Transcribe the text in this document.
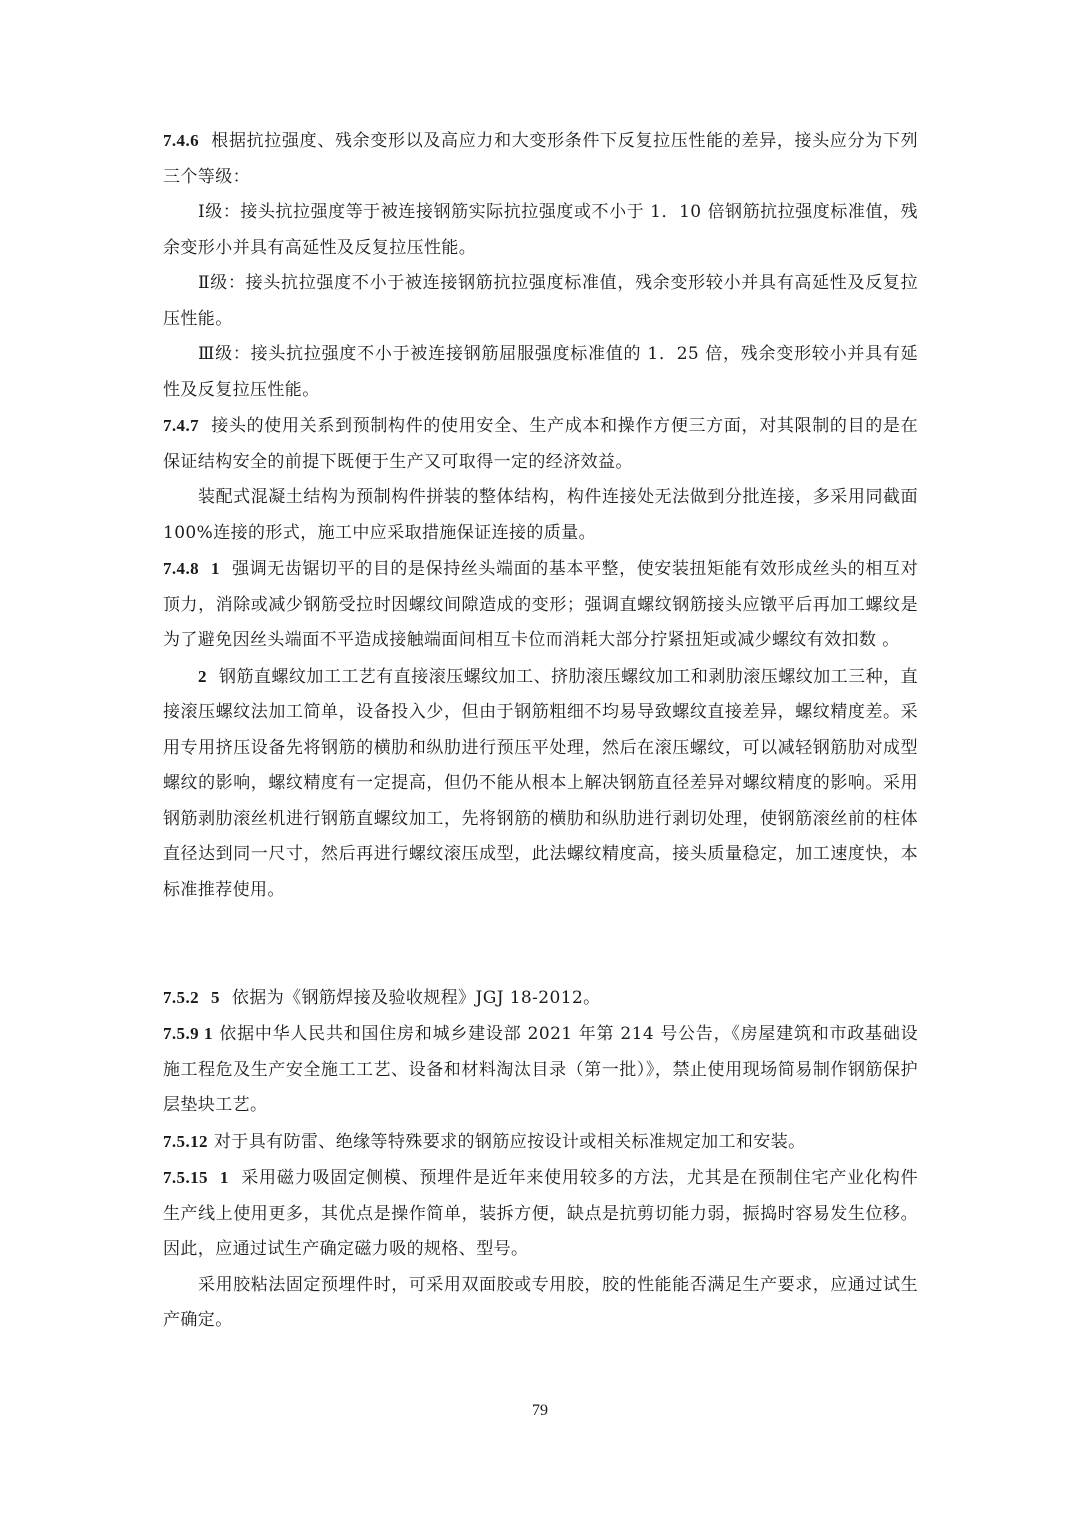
7.4.6 根据抗拉强度、残余变形以及高应力和大变形条件下反复拉压性能的差异，接头应分为下列三个等级：

Ⅰ级：接头抗拉强度等于被连接钢筋实际抗拉强度或不小于 1．10 倍钢筋抗拉强度标准值，残余变形小并具有高延性及反复拉压性能。

Ⅱ级：接头抗拉强度不小于被连接钢筋抗拉强度标准值，残余变形较小并具有高延性及反复拉压性能。

Ⅲ级：接头抗拉强度不小于被连接钢筋屈服强度标准值的 1．25 倍，残余变形较小并具有延性及反复拉压性能。

7.4.7 接头的使用关系到预制构件的使用安全、生产成本和操作方便三方面，对其限制的目的是在保证结构安全的前提下既便于生产又可取得一定的经济效益。

装配式混凝土结构为预制构件拼装的整体结构，构件连接处无法做到分批连接，多采用同截面 100%连接的形式，施工中应采取措施保证连接的质量。

7.4.8 1 强调无齿锯切平的目的是保持丝头端面的基本平整，使安装扭矩能有效形成丝头的相互对顶力，消除或减少钢筋受拉时因螺纹间隙造成的变形；强调直螺纹钢筋接头应镦平后再加工螺纹是为了避免因丝头端面不平造成接触端面间相互卡位而消耗大部分拧紧扭矩或减少螺纹有效扣数 。

2 钢筋直螺纹加工工艺有直接滚压螺纹加工、挤肋滚压螺纹加工和剥肋滚压螺纹加工三种，直接滚压螺纹法加工简单，设备投入少，但由于钢筋粗细不均易导致螺纹直接差异，螺纹精度差。采用专用挤压设备先将钢筋的横肋和纵肋进行预压平处理，然后在滚压螺纹，可以减轻钢筋肋对成型螺纹的影响，螺纹精度有一定提高，但仍不能从根本上解决钢筋直径差异对螺纹精度的影响。采用钢筋剥肋滚丝机进行钢筋直螺纹加工，先将钢筋的横肋和纵肋进行剥切处理，使钢筋滚丝前的柱体直径达到同一尺寸，然后再进行螺纹滚压成型，此法螺纹精度高，接头质量稳定，加工速度快，本标准推荐使用。

7.5.2 5 依据为《钢筋焊接及验收规程》JGJ 18-2012。

7.5.9 1 依据中华人民共和国住房和城乡建设部 2021 年第 214 号公告，《房屋建筑和市政基础设施工程危及生产安全施工工艺、设备和材料淘汰目录（第一批）》，禁止使用现场简易制作钢筋保护层垫块工艺。

7.5.12 对于具有防雷、绝缘等特殊要求的钢筋应按设计或相关标准规定加工和安装。

7.5.15 1 采用磁力吸固定侧模、预埋件是近年来使用较多的方法，尤其是在预制住宅产业化构件生产线上使用更多，其优点是操作简单，装拆方便，缺点是抗剪切能力弱，振捣时容易发生位移。因此，应通过试生产确定磁力吸的规格、型号。

采用胶粘法固定预埋件时，可采用双面胶或专用胶，胶的性能能否满足生产要求，应通过试生产确定。

79
